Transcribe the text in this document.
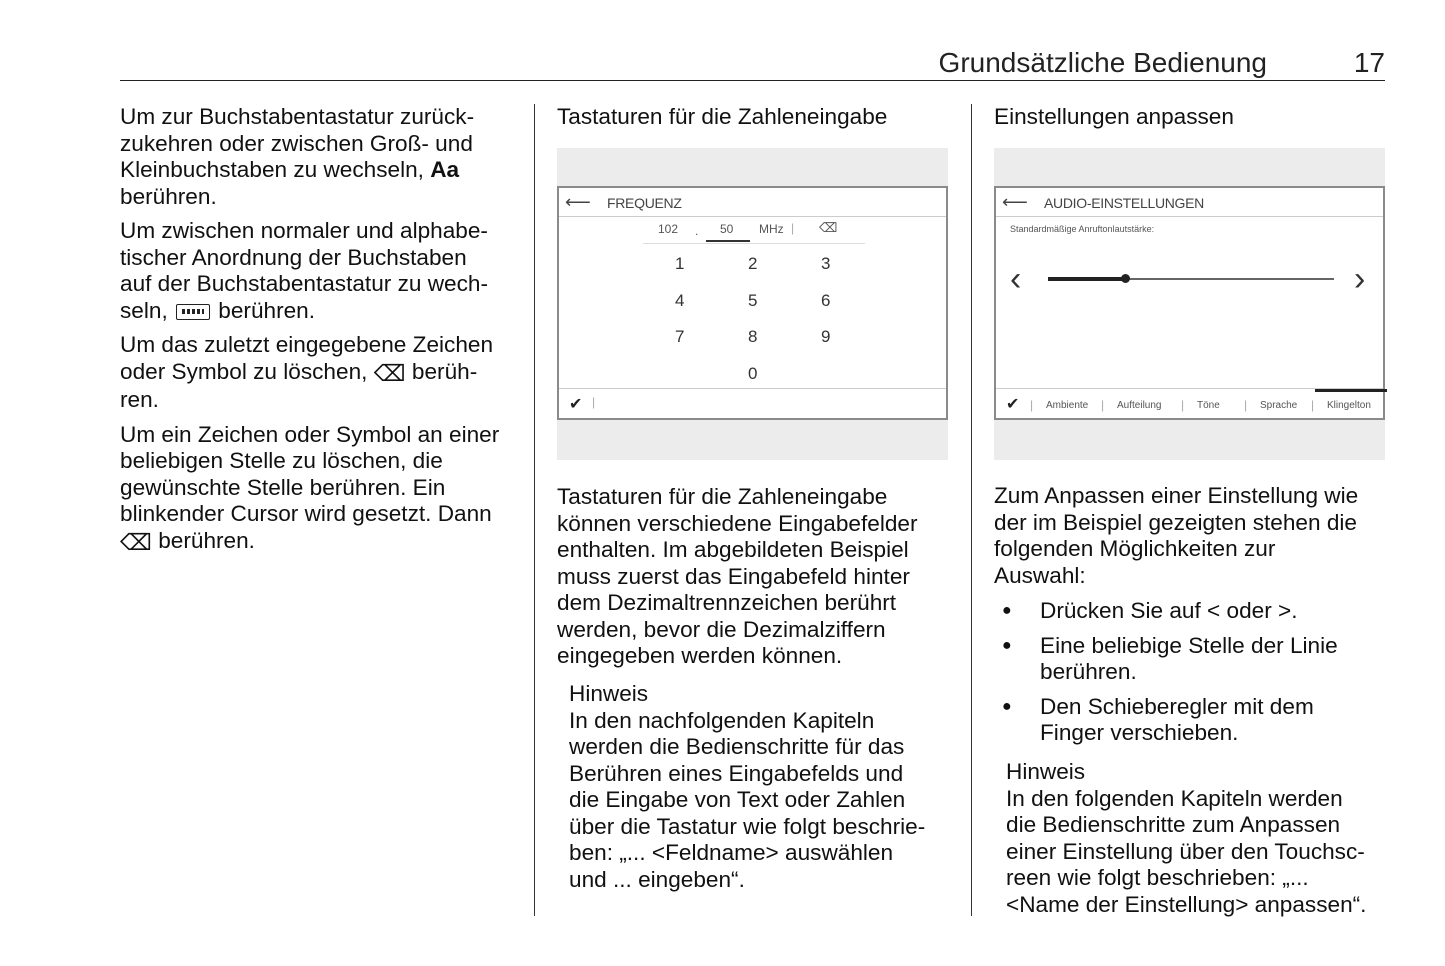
Grundsätzliche Bedienung	17

Um zur Buchstabentastatur zurück-
zukehren oder zwischen Groß- und
Kleinbuchstaben zu wechseln, Aa
berühren.

Um zwischen normaler und alphabe-
tischer Anordnung der Buchstaben
auf der Buchstabentastatur zu wech-
seln,  berühren.

Um das zuletzt eingegebene Zeichen
oder Symbol zu löschen, ⌫ berüh-
ren.

Um ein Zeichen oder Symbol an einer
beliebigen Stelle zu löschen, die
gewünschte Stelle berühren. Ein
blinkender Cursor wird gesetzt. Dann
⌫ berühren.

Tastaturen für die Zahleneingabe
⟵ FREQUENZ
102 . 50 MHz | ⌫
1	2	3
4	5	6
7	8	9
0
✔ |
Tastaturen für die Zahleneingabe
können verschiedene Eingabefelder
enthalten. Im abgebildeten Beispiel
muss zuerst das Eingabefeld hinter
dem Dezimaltrennzeichen berührt
werden, bevor die Dezimalziffern
eingegeben werden können.
Hinweis
In den nachfolgenden Kapiteln
werden die Bedienschritte für das
Berühren eines Eingabefelds und
die Eingabe von Text oder Zahlen
über die Tastatur wie folgt beschrie-
ben: „... <Feldname> auswählen
und ... eingeben“.
Einstellungen anpassen
⟵ AUDIO-EINSTELLUNGEN
Standardmäßige Anruftonlautstärke:
‹	›
✔	Ambiente
|	Aufteilung
|	Töne
|	Sprache
|	Klingelton
|
Zum Anpassen einer Einstellung wie
der im Beispiel gezeigten stehen die
folgenden Möglichkeiten zur
Auswahl:
● Drücken Sie auf < oder >.
● Eine beliebige Stelle der Linie
berühren.
● Den Schieberegler mit dem
Finger verschieben.
Hinweis
In den folgenden Kapiteln werden
die Bedienschritte zum Anpassen
einer Einstellung über den Touchsc-
reen wie folgt beschrieben: „...
<Name der Einstellung> anpassen“.
